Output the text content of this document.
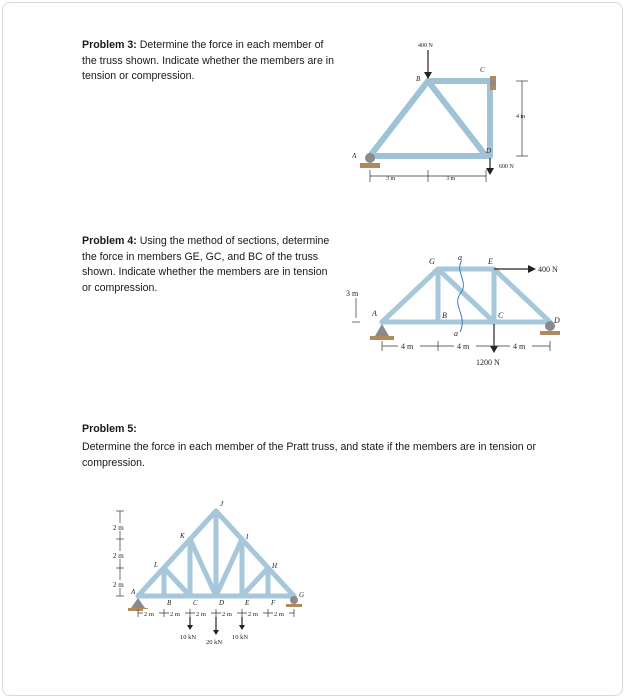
Problem 3: Determine the force in each member of the truss shown. Indicate whether the members are in tension or compression.
400 N
600 N
A
B
C
D
3 m	3 m
4 m
Problem 4: Using the method of sections, determine the force in members GE, GC, and BC of the truss shown. Indicate whether the members are in tension or compression.
400 N
1200 N
G	a	E
A	B	C
D
a
3 m
4 m	4 m	4 m
Problem 5:
Determine the force in each member of the Pratt truss, and state if the members are in tension or compression.
A
B	C	D	E	F
G
H
I
J
K
L
2 m
2 m
2 m
2 m 2 m 2 m 2 m 2 m 2 m
10 kN
20 kN
10 kN
